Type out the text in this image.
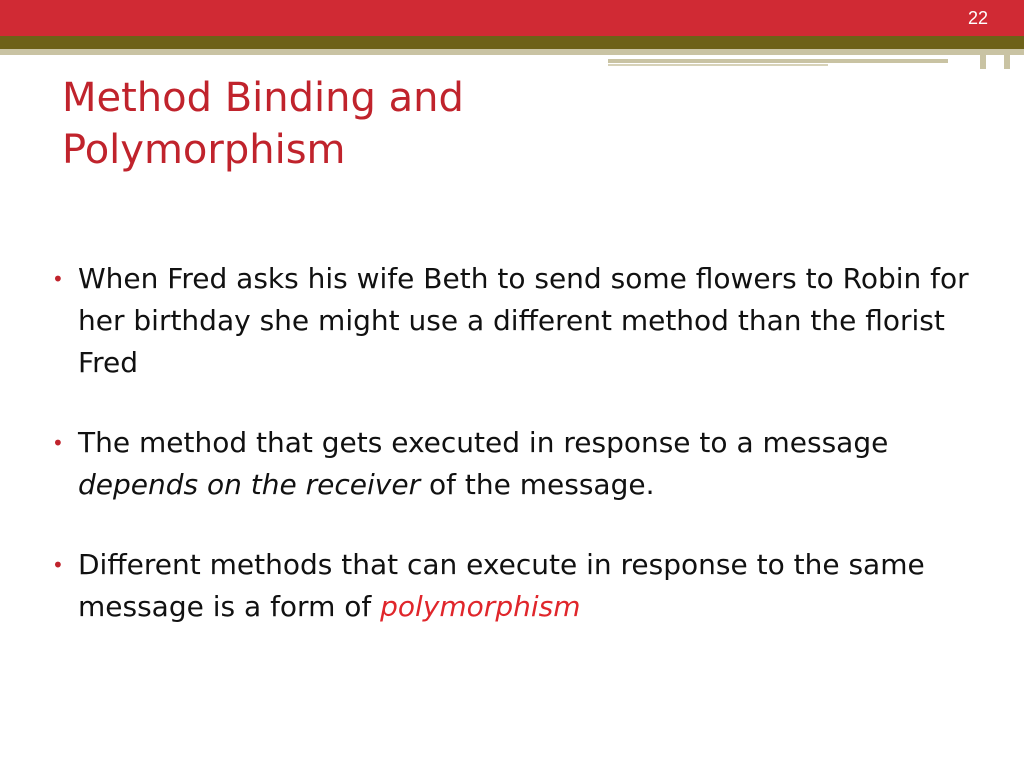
22
Method Binding and
Polymorphism
• When Fred asks his wife Beth to send some flowers to Robin for her birthday she might use a different method than the florist Fred
• The method that gets executed in response to a message depends on the receiver of the message.
• Different methods that can execute in response to the same message is a form of polymorphism
